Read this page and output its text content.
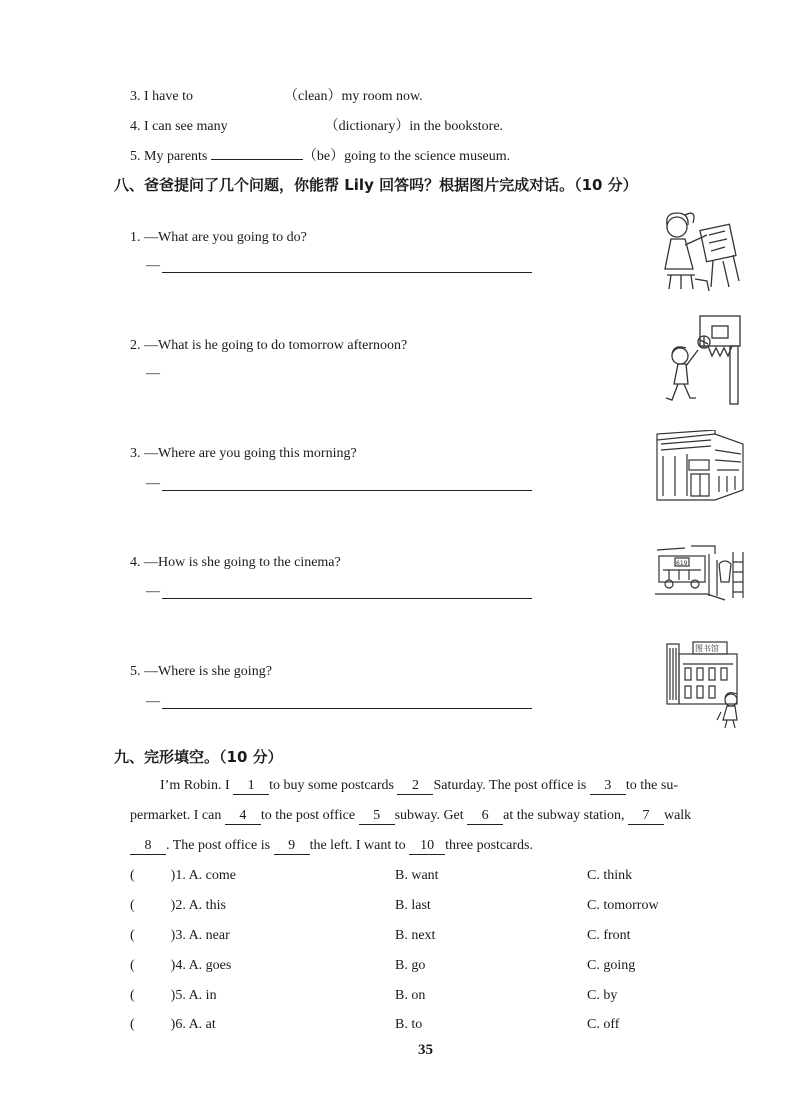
3. I have to	（clean）my room now.
4. I can see many	（dictionary）in the bookstore.
5. My parents	（be）going to the science museum.
八、爸爸提问了几个问题，你能帮 Lily 回答吗？根据图片完成对话。（10 分）
1. —What are you going to do?
—
2. —What is he going to do tomorrow afternoon?
—
3. —Where are you going this morning?
—
4. —How is she going to the cinema?
—
5. —Where is she going?
—
619
图书馆
九、完形填空。（10 分）
I’m Robin. I 1 to buy some postcards 2 Saturday. The post office is 3 to the su-
permarket. I can 4 to the post office 5 subway. Get 6 at the subway station, 7 walk
8 . The post office is 9 the left. I want to 10 three postcards.
(	)1. A. come	B. want	C. think
(	)2. A. this	B. last	C. tomorrow
(	)3. A. near	B. next	C. front
(	)4. A. goes	B. go	C. going
(	)5. A. in	B. on	C. by
(	)6. A. at	B. to	C. off
35
